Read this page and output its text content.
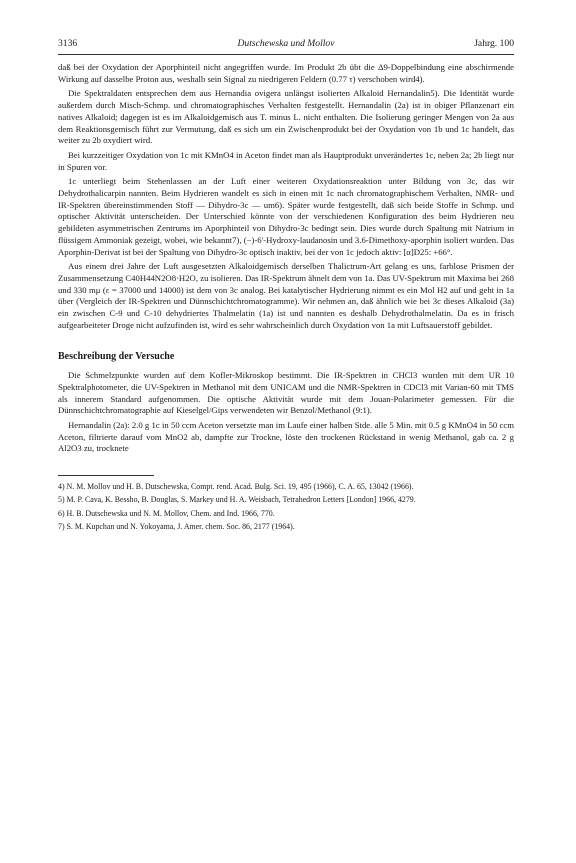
3136	Dutschewska und Mollov	Jahrg. 100

daß bei der Oxydation der Aporphinteil nicht angegriffen wurde. Im Produkt 2b übt die Δ9-Doppelbindung eine abschirmende Wirkung auf dasselbe Proton aus, weshalb sein Signal zu niedrigeren Feldern (0.77 τ) verschoben wird4).

Die Spektraldaten entsprechen dem aus Hernandia ovigera unlängst isolierten Alkaloid Hernandalin5). Die Identität wurde außerdem durch Misch-Schmp. und chromatographisches Verhalten festgestellt. Hernandalin (2a) ist in obiger Pflanzenart ein natives Alkaloid; dagegen ist es im Alkaloidgemisch aus T. minus L. nicht enthalten. Die Isolierung geringer Mengen von 2a aus dem Reaktionsgemisch führt zur Vermutung, daß es sich um ein Zwischenprodukt bei der Oxydation von 1b und 1c handelt, das weiter zu 2b oxydiert wird.

Bei kurzzeitiger Oxydation von 1c mit KMnO4 in Aceton findet man als Hauptprodukt unverändertes 1c, neben 2a; 2b liegt nur in Spuren vor.

1c unterliegt beim Stehenlassen an der Luft einer weiteren Oxydationsreaktion unter Bildung von 3c, das wir Dehydrothalicarpin nannten. Beim Hydrieren wandelt es sich in einen mit 1c nach chromatographischem Verhalten, NMR- und IR-Spektren übereinstimmenden Stoff — Dihydro-3c — um6). Später wurde festgestellt, daß sich beide Stoffe in Schmp. und optischer Aktivität unterscheiden. Der Unterschied könnte von der verschiedenen Konfiguration des beim Hydrieren neu gebildeten asymmetrischen Zentrums im Aporphinteil von Dihydro-3c bedingt sein. Dies wurde durch Spaltung mit Natrium in flüssigem Ammoniak gezeigt, wobei, wie bekannt7), (−)-6'-Hydroxy-laudanosin und 3.6-Dimethoxy-aporphin isoliert wurden. Das Aporphin-Derivat ist bei der Spaltung von Dihydro-3c optisch inaktiv, bei der von 1c jedoch aktiv: [α]D25: +66°.

Aus einem drei Jahre der Luft ausgesetzten Alkaloidgemisch derselben Thalictrum-Art gelang es uns, farblose Prismen der Zusammensetzung C40H44N2O8·H2O, zu isolieren. Das IR-Spektrum ähnelt dem von 1a. Das UV-Spektrum mit Maxima bei 268 und 330 mμ (ε = 37000 und 14000) ist dem von 3c analog. Bei katalytischer Hydrierung nimmt es ein Mol H2 auf und geht in 1a über (Vergleich der IR-Spektren und Dünnschichtchromatogramme). Wir nehmen an, daß ähnlich wie bei 3c dieses Alkaloid (3a) ein zwischen C-9 und C-10 dehydriertes Thalmelatin (1a) ist und nannten es deshalb Dehydrothalmelatin. Da es in frisch aufgearbeiteter Droge nicht aufzufinden ist, wird es sehr wahrscheinlich durch Oxydation von 1a mit Luftsauerstoff gebildet.

Beschreibung der Versuche

Die Schmelzpunkte wurden auf dem Kofler-Mikroskop bestimmt. Die IR-Spektren in CHCl3 wurden mit dem UR 10 Spektralphotometer, die UV-Spektren in Methanol mit dem UNICAM und die NMR-Spektren in CDCl3 mit Varian-60 mit TMS als innerem Standard aufgenommen. Die optische Aktivität wurde mit dem Jouan-Polarimeter gemessen. Für die Dünnschichtchromatographie auf Kieselgel/Gips verwendeten wir Benzol/Methanol (9:1).

Hernandalin (2a): 2.0 g 1c in 50 ccm Aceton versetzte man im Laufe einer halben Stde. alle 5 Min. mit 0.5 g KMnO4 in 50 ccm Aceton, filtrierte darauf vom MnO2 ab, dampfte zur Trockne, löste den trockenen Rückstand in wenig Methanol, gab ca. 2 g Al2O3 zu, trocknete

4) N. M. Mollov und H. B. Dutschewska, Compt. rend. Acad. Bulg. Sci. 19, 495 (1966), C. A. 65, 13042 (1966).

5) M. P. Cava, K. Bessho, B. Douglas, S. Markey und H. A. Weisbach, Tetrahedron Letters [London] 1966, 4279.

6) H. B. Dutschewska und N. M. Mollov, Chem. and Ind. 1966, 770.

7) S. M. Kupchan und N. Yokoyama, J. Amer. chem. Soc. 86, 2177 (1964).
